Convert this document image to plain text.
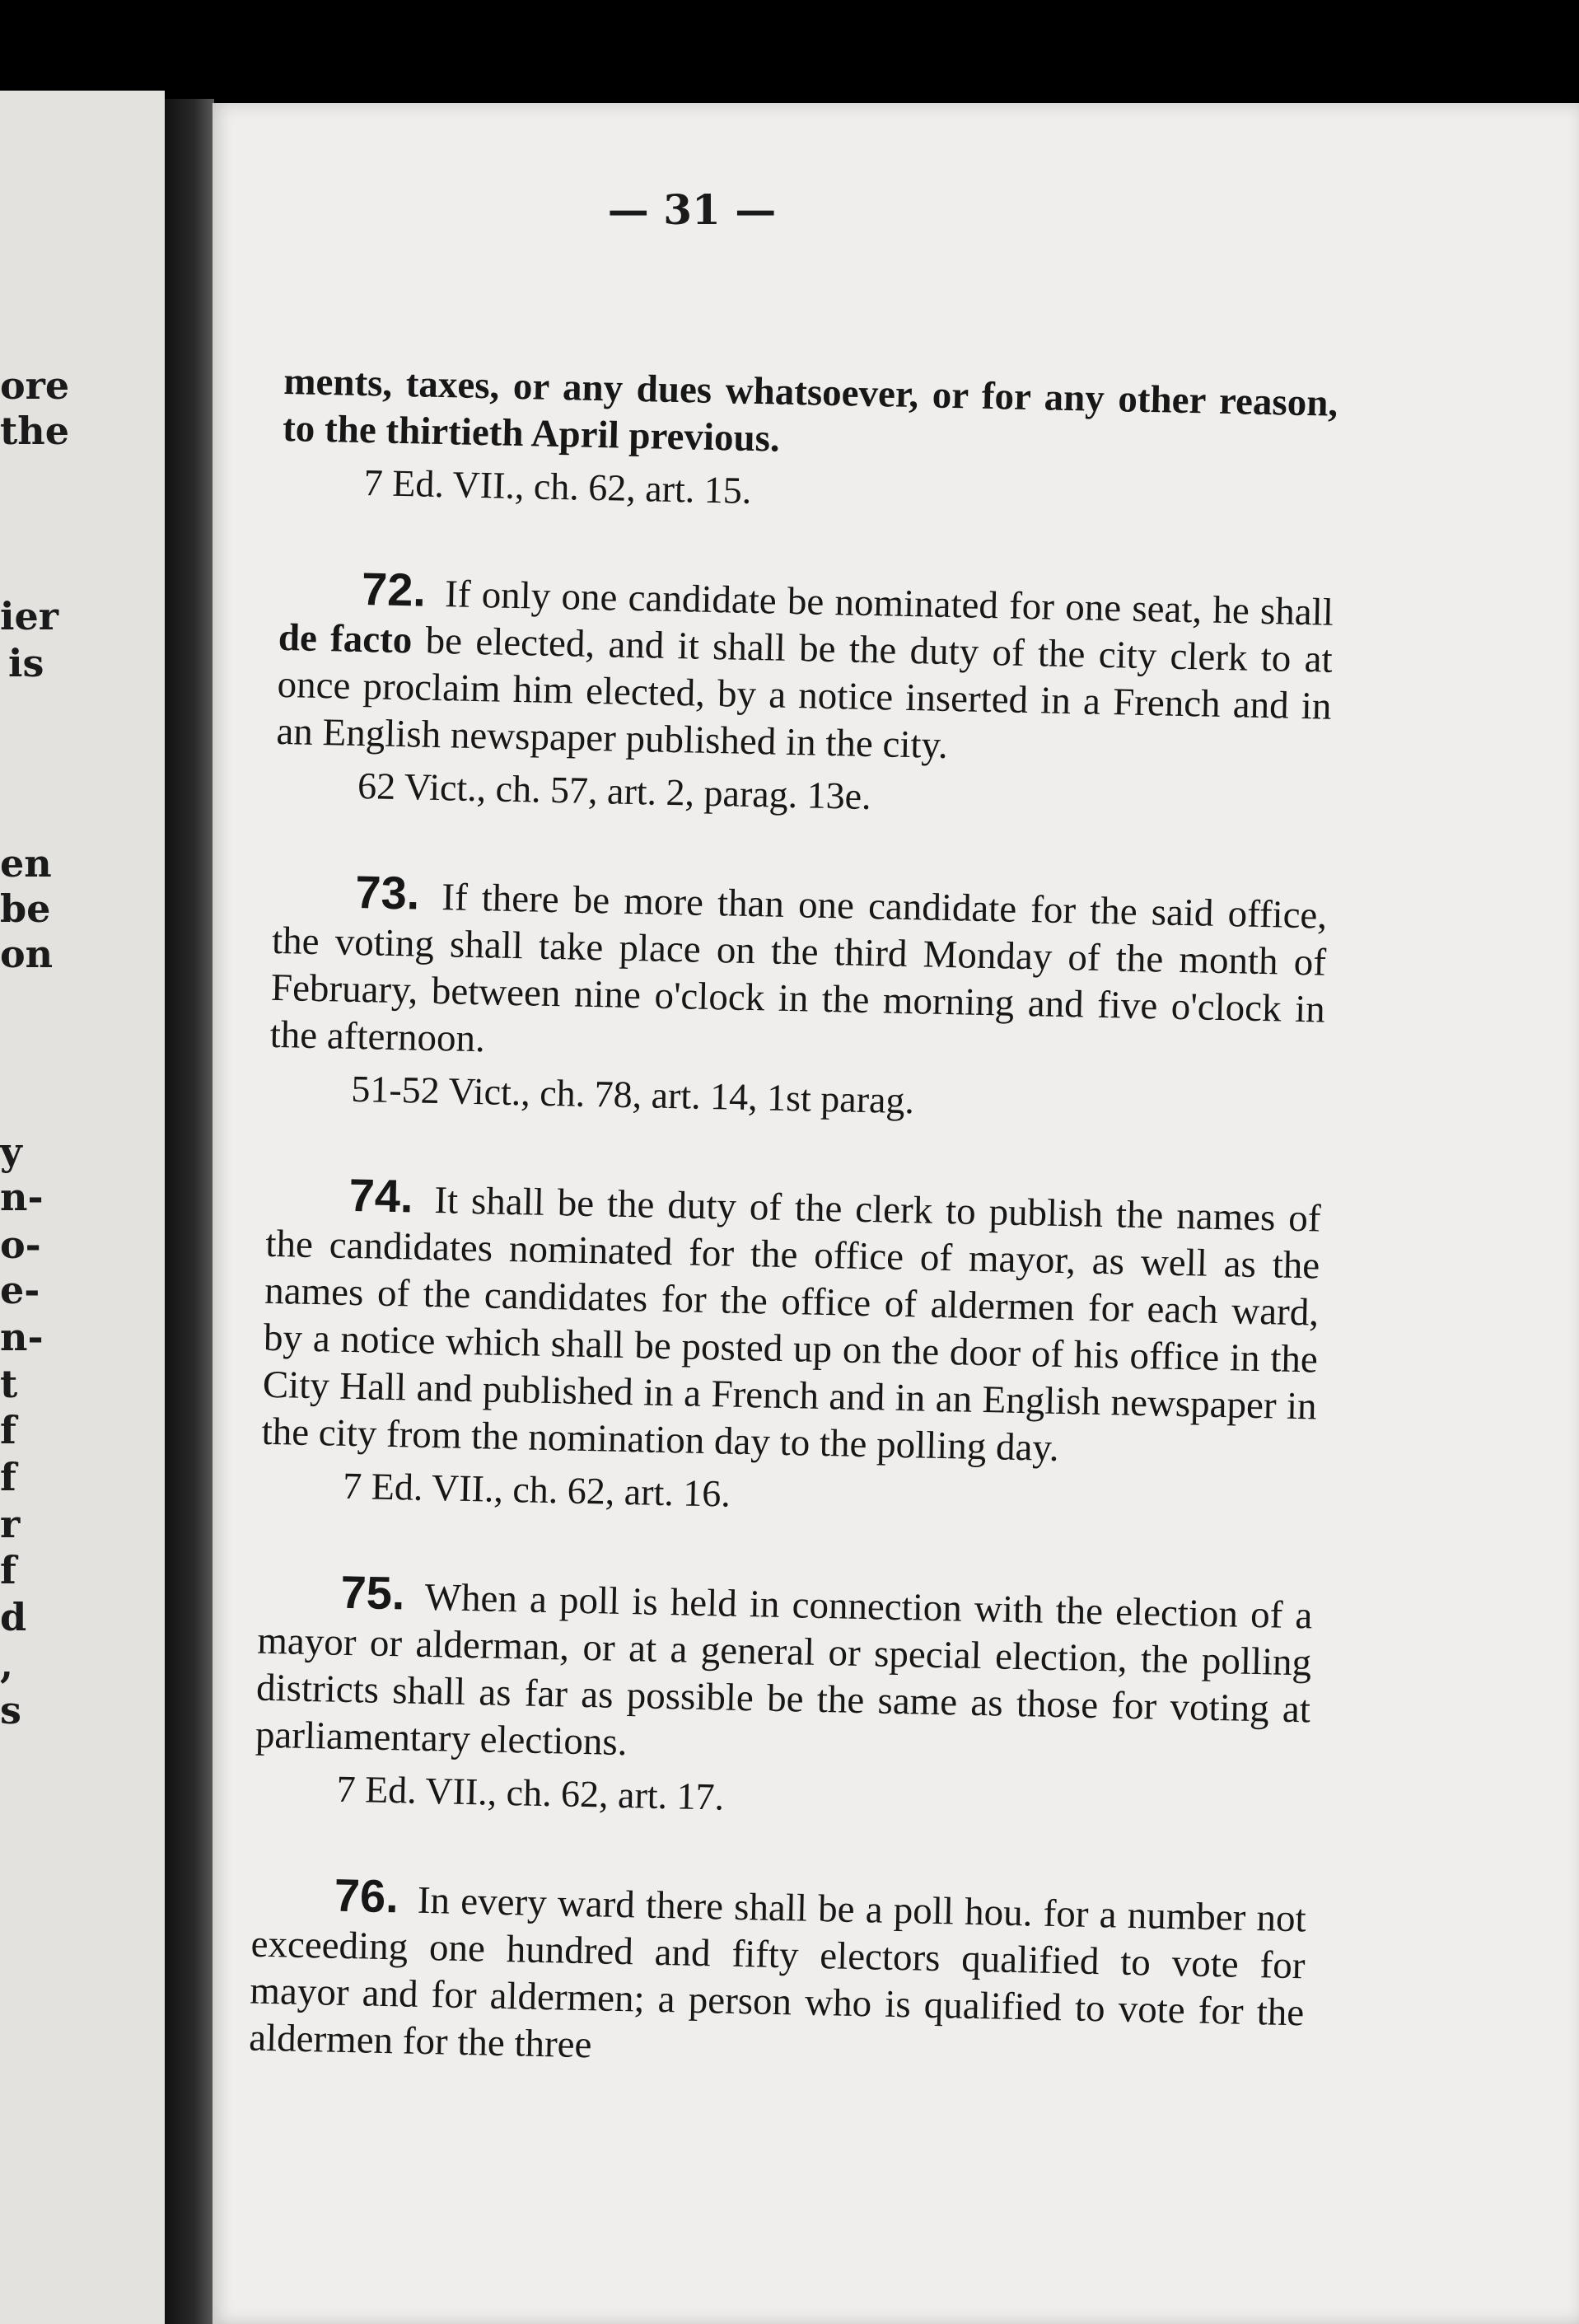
ore
the
ier
is
en
be
on
y
n-
o-
e-
n-
t
f
f
r
f
d
,
s
— 31 —

ments, taxes, or any dues whatsoever, or for any other reason, to the thirtieth April previous.

7 Ed. VII., ch. 62, art. 15.

72. If only one candidate be nominated for one seat, he shall de facto be elected, and it shall be the duty of the city clerk to at once proclaim him elected, by a notice inserted in a French and in an English newspaper published in the city.

62 Vict., ch. 57, art. 2, parag. 13e.

73. If there be more than one candidate for the said office, the voting shall take place on the third Monday of the month of February, between nine o'clock in the morning and five o'clock in the afternoon.

51-52 Vict., ch. 78, art. 14, 1st parag.

74. It shall be the duty of the clerk to publish the names of the candidates nominated for the office of mayor, as well as the names of the candidates for the office of aldermen for each ward, by a notice which shall be posted up on the door of his office in the City Hall and published in a French and in an English newspaper in the city from the nomination day to the polling day.

7 Ed. VII., ch. 62, art. 16.

75. When a poll is held in connection with the election of a mayor or alderman, or at a general or special election, the polling districts shall as far as possible be the same as those for voting at parliamentary elections.

7 Ed. VII., ch. 62, art. 17.

76. In every ward there shall be a poll hou. for a number not exceeding one hundred and fifty electors qualified to vote for mayor and for aldermen; a person who is qualified to vote for the aldermen for the three
